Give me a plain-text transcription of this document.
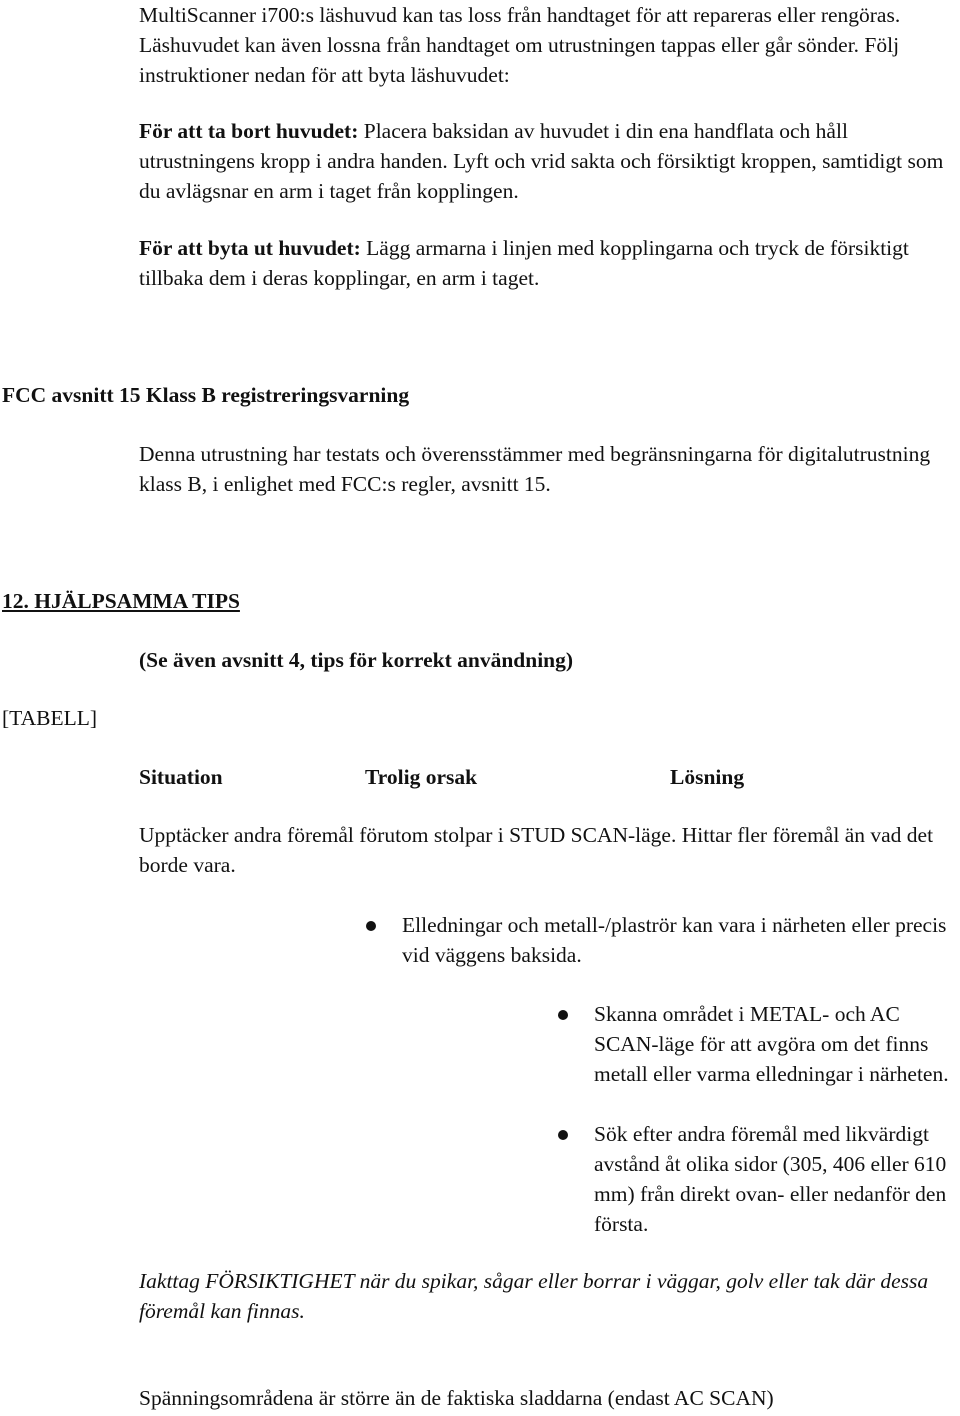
MultiScanner i700:s läshuvud kan tas loss från handtaget för att repareras eller rengöras. Läshuvudet kan även lossna från handtaget om utrustningen tappas eller går sönder. Följ instruktioner nedan för att byta läshuvudet:

För att ta bort huvudet: Placera baksidan av huvudet i din ena handflata och håll utrustningens kropp i andra handen. Lyft och vrid sakta och försiktigt kroppen, samtidigt som du avlägsnar en arm i taget från kopplingen.

För att byta ut huvudet: Lägg armarna i linjen med kopplingarna och tryck de försiktigt tillbaka dem i deras kopplingar, en arm i taget.

FCC avsnitt 15 Klass B registreringsvarning

Denna utrustning har testats och överensstämmer med begränsningarna för digitalutrustning klass B, i enlighet med FCC:s regler, avsnitt 15.

12. HJÄLPSAMMA TIPS
(Se även avsnitt 4, tips för korrekt användning)

[TABELL]

Situation	Trolig orsak	Lösning

Upptäcker andra föremål förutom stolpar i STUD SCAN-läge. Hittar fler föremål än vad det borde vara.

Elledningar och metall-/plaströr kan vara i närheten eller precis vid väggens baksida.

Skanna området i METAL- och AC SCAN-läge för att avgöra om det finns metall eller varma elledningar i närheten.

Sök efter andra föremål med likvärdigt avstånd åt olika sidor (305, 406 eller 610 mm) från direkt ovan- eller nedanför den första.

Iakttag FÖRSIKTIGHET när du spikar, sågar eller borrar i väggar, golv eller tak där dessa föremål kan finnas.

Spänningsområdena är större än de faktiska sladdarna (endast AC SCAN)
